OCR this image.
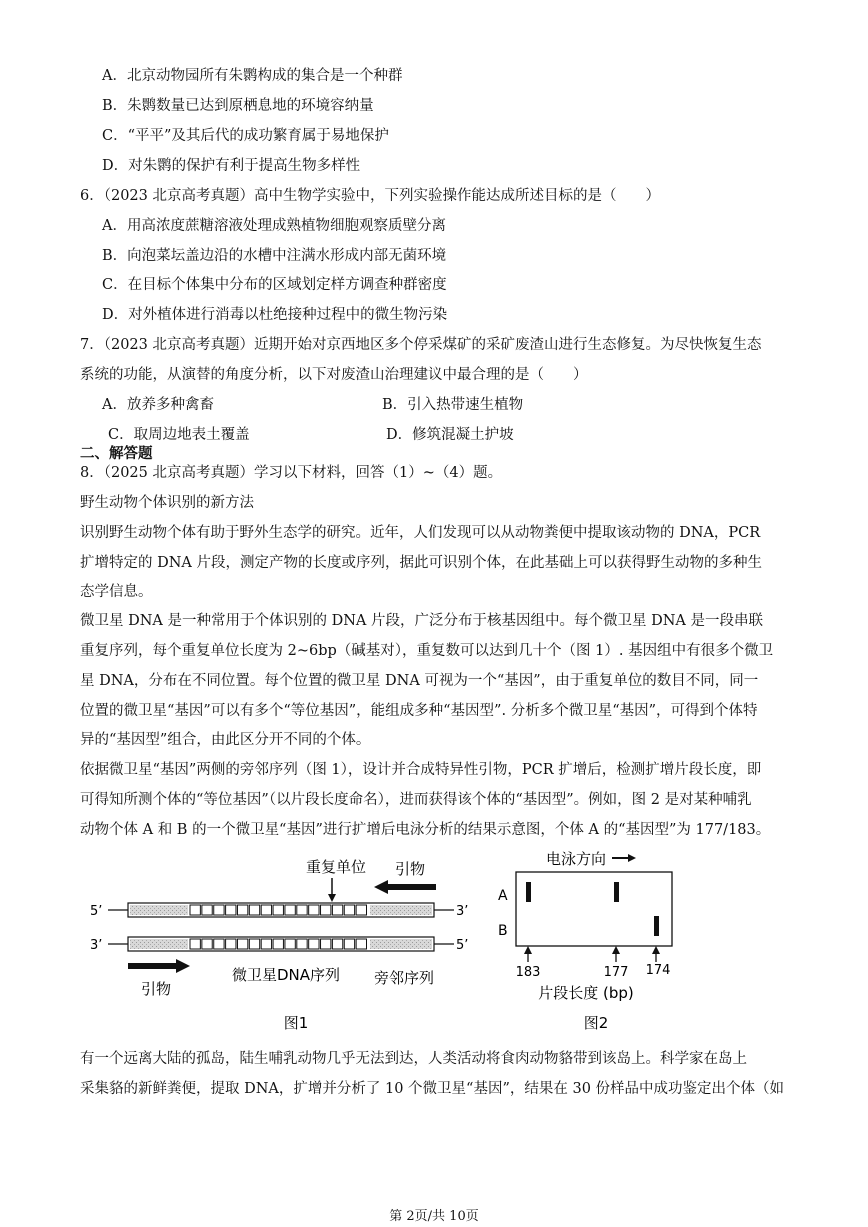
A．北京动物园所有朱鹮构成的集合是一个种群
B．朱鹮数量已达到原栖息地的环境容纳量
C．“平平”及其后代的成功繁育属于易地保护
D．对朱鹮的保护有利于提高生物多样性
6．（2023 北京高考真题）高中生物学实验中，下列实验操作能达成所述目标的是（　　）
A．用高浓度蔗糖溶液处理成熟植物细胞观察质壁分离
B．向泡菜坛盖边沿的水槽中注满水形成内部无菌环境
C．在目标个体集中分布的区域划定样方调查种群密度
D．对外植体进行消毒以杜绝接种过程中的微生物污染
7．（2023 北京高考真题）近期开始对京西地区多个停采煤矿的采矿废渣山进行生态修复。为尽快恢复生态
系统的功能，从演替的角度分析，以下对废渣山治理建议中最合理的是（　　）
A．放养多种禽畜	B．引入热带速生植物
C．取周边地表土覆盖	D．修筑混凝土护坡
二、解答题
8．（2025 北京高考真题）学习以下材料，回答（1）~（4）题。
野生动物个体识别的新方法
识别野生动物个体有助于野外生态学的研究。近年，人们发现可以从动物粪便中提取该动物的 DNA，PCR
扩增特定的 DNA 片段，测定产物的长度或序列，据此可识别个体，在此基础上可以获得野生动物的多种生
态学信息。
微卫星 DNA 是一种常用于个体识别的 DNA 片段，广泛分布于核基因组中。每个微卫星 DNA 是一段串联
重复序列，每个重复单位长度为 2~6bp（碱基对），重复数可以达到几十个（图 1）. 基因组中有很多个微卫
星 DNA，分布在不同位置。每个位置的微卫星 DNA 可视为一个“基因”，由于重复单位的数目不同，同一
位置的微卫星“基因”可以有多个“等位基因”，能组成多种“基因型”. 分析多个微卫星“基因”，可得到个体特
异的“基因型”组合，由此区分开不同的个体。
依据微卫星“基因”两侧的旁邻序列（图 1），设计并合成特异性引物，PCR 扩增后，检测扩增片段长度，即
可得知所测个体的“等位基因”（以片段长度命名），进而获得该个体的“基因型”。例如，图 2 是对某种哺乳
动物个体 A 和 B 的一个微卫星“基因”进行扩增后电泳分析的结果示意图，个体 A 的“基因型”为 177/183。
重复单位 引物
5’	3’
3’	5’
微卫星DNA序列 旁邻序列
引物
图1
电泳方向
A
B
183	177 174
片段长度 (bp)
图2
有一个远离大陆的孤岛，陆生哺乳动物几乎无法到达，人类活动将食肉动物貉带到该岛上。科学家在岛上
采集貉的新鲜粪便，提取 DNA，扩增并分析了 10 个微卫星“基因”，结果在 30 份样品中成功鉴定出个体（如
第 2页/共 10页
